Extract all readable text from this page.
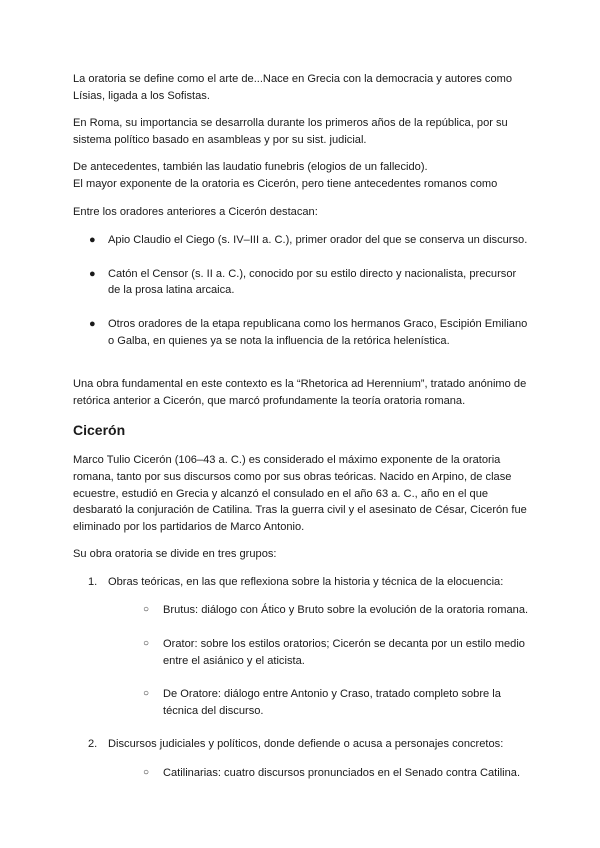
La oratoria se define como el arte de...Nace en Grecia con la democracia y autores como Lísias, ligada a los Sofistas.

En Roma, su importancia se desarrolla durante los primeros años de la república, por su sistema político basado en asambleas y por su sist. judicial.

De antecedentes, también las laudatio funebris (elogios de un fallecido).

El mayor exponente de la oratoria es Cicerón, pero tiene antecedentes romanos como

Entre los oradores anteriores a Cicerón destacan:

● Apio Claudio el Ciego (s. IV–III a. C.), primer orador del que se conserva un discurso.
● Catón el Censor (s. II a. C.), conocido por su estilo directo y nacionalista, precursor de la prosa latina arcaica.
● Otros oradores de la etapa republicana como los hermanos Graco, Escipión Emiliano o Galba, en quienes ya se nota la influencia de la retórica helenística.

Una obra fundamental en este contexto es la “Rhetorica ad Herennium”, tratado anónimo de retórica anterior a Cicerón, que marcó profundamente la teoría oratoria romana.

Cicerón

Marco Tulio Cicerón (106–43 a. C.) es considerado el máximo exponente de la oratoria romana, tanto por sus discursos como por sus obras teóricas. Nacido en Arpino, de clase ecuestre, estudió en Grecia y alcanzó el consulado en el año 63 a. C., año en el que desbarató la conjuración de Catilina. Tras la guerra civil y el asesinato de César, Cicerón fue eliminado por los partidarios de Marco Antonio.

Su obra oratoria se divide en tres grupos:

1. Obras teóricas, en las que reflexiona sobre la historia y técnica de la elocuencia:
○ Brutus: diálogo con Ático y Bruto sobre la evolución de la oratoria romana.
○ Orator: sobre los estilos oratorios; Cicerón se decanta por un estilo medio entre el asiánico y el aticista.
○ De Oratore: diálogo entre Antonio y Craso, tratado completo sobre la técnica del discurso.
2. Discursos judiciales y políticos, donde defiende o acusa a personajes concretos:
○ Catilinarias: cuatro discursos pronunciados en el Senado contra Catilina.
